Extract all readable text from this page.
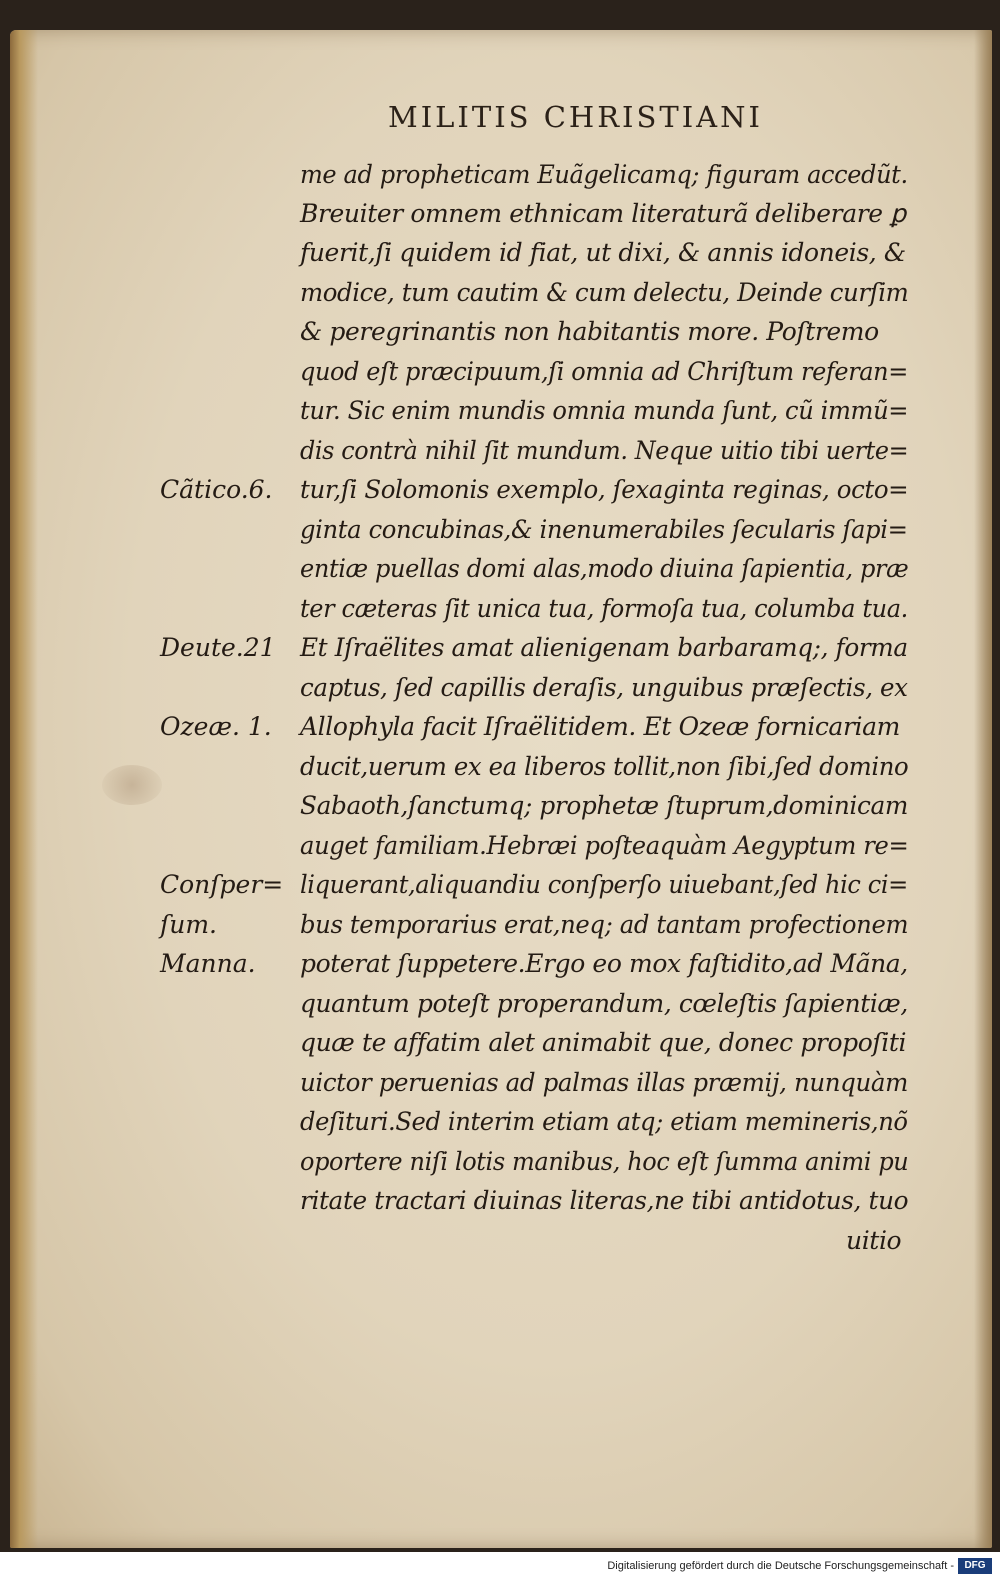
MILITIS CHRISTIANI
me ad propheticam Euãgelicamq; figuram accedũt.
Breuiter omnem ethnicam literaturã deliberare ꝑ
fuerit,ſi quidem id fiat, ut dixi, & annis idoneis, &
modice, tum cautim & cum delectu, Deinde curſim
& peregrinantis non habitantis more. Poſtremo
quod eſt præcipuum,ſi omnia ad Chriſtum referan=
tur. Sic enim mundis omnia munda ſunt, cũ immũ=
dis contrà nihil ſit mundum. Neque uitio tibi uerte=
tur,ſi Solomonis exemplo, ſexaginta reginas, octo=
ginta concubinas,& inenumerabiles ſecularis ſapi=
entiæ puellas domi alas,modo diuina ſapientia, præ
ter cæteras ſit unica tua, formoſa tua, columba tua.
Et Iſraëlites amat alienigenam barbaramq;, forma
captus, ſed capillis deraſis, unguibus præſectis, ex
Allophyla facit Iſraëlitidem. Et Ozeæ fornicariam
ducit,uerum ex ea liberos tollit,non ſibi,ſed domino
Sabaoth,ſanctumq; prophetæ ſtuprum,dominicam
auget familiam.Hebræi poſteaquàm Aegyptum re=
liquerant,aliquandiu conſperſo uiuebant,ſed hic ci=
bus temporarius erat,neq; ad tantam profectionem
poterat ſuppetere.Ergo eo mox faſtidito,ad Mãna,
quantum poteſt properandum, cœleſtis ſapientiæ,
quæ te affatim alet animabit que, donec propoſiti
uictor peruenias ad palmas illas præmij, nunquàm
deſituri.Sed interim etiam atq; etiam memineris,nõ
oportere niſi lotis manibus, hoc eſt ſumma animi pu
ritate tractari diuinas literas,ne tibi antidotus, tuo
uitio
Cãtico.6.
Deute.21
Ozeæ. 1.
Conſper=
ſum.
Manna.
Digitalisierung gefördert durch die Deutsche Forschungsgemeinschaft -	DFG
